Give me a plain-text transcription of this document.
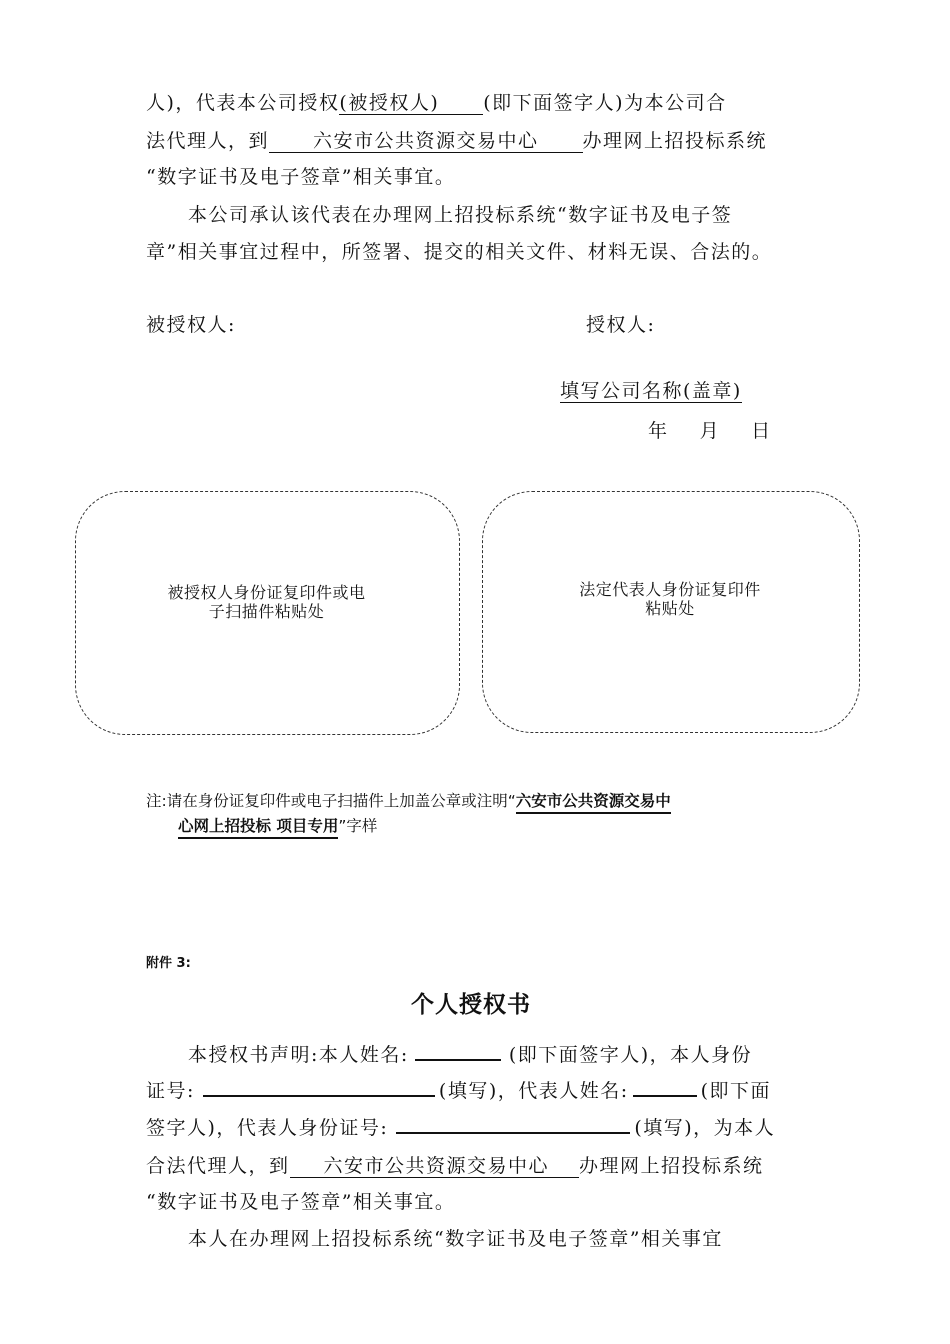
人)，代表本公司授权(被授权人) (即下面签字人)为本公司合
法代理人，到 六安市公共资源交易中心 办理网上招投标系统
“数字证书及电子签章”相关事宜。
本公司承认该代表在办理网上招投标系统“数字证书及电子签
章”相关事宜过程中，所签署、提交的相关文件、材料无误、合法的。
被授权人:	授权人:
填写公司名称(盖章)
年  月  日
被授权人身份证复印件或电
子扫描件粘贴处
法定代表人身份证复印件
粘贴处
注:请在身份证复印件或电子扫描件上加盖公章或注明“六安市公共资源交易中
心网上招投标 项目专用”字样
附件 3:
个人授权书
本授权书声明:本人姓名:	(即下面签字人)，本人身份
证号:	(填写)，代表人姓名:	(即下面
签字人)，代表人身份证号:	(填写)，为本人
合法代理人，到 六安市公共资源交易中心 办理网上招投标系统
“数字证书及电子签章”相关事宜。
本人在办理网上招投标系统“数字证书及电子签章”相关事宜
